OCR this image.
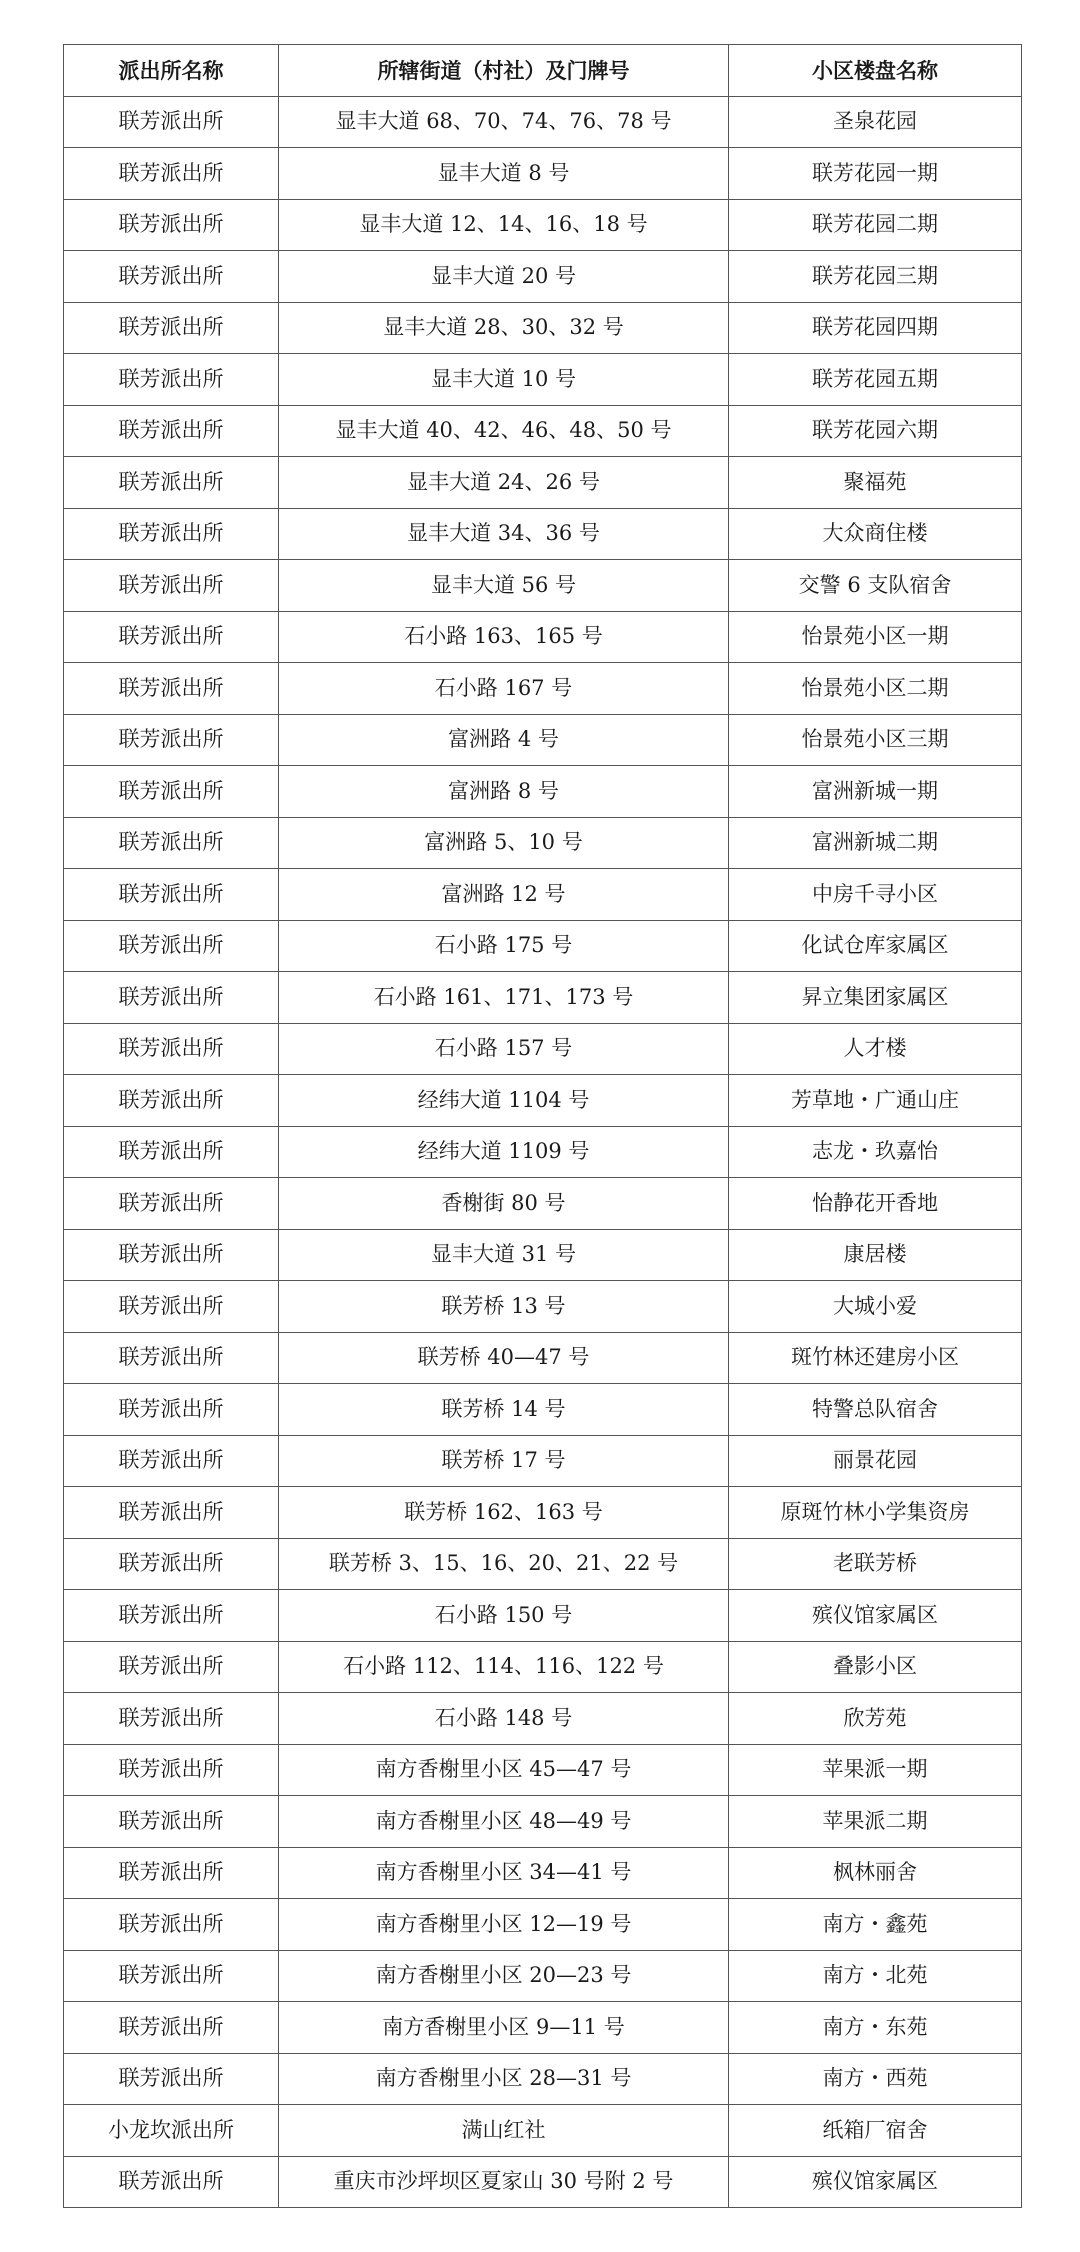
派出所名称	所辖街道（村社）及门牌号	小区楼盘名称
联芳派出所	显丰大道 68、70、74、76、78 号	圣泉花园
联芳派出所	显丰大道 8 号	联芳花园一期
联芳派出所	显丰大道 12、14、16、18 号	联芳花园二期
联芳派出所	显丰大道 20 号	联芳花园三期
联芳派出所	显丰大道 28、30、32 号	联芳花园四期
联芳派出所	显丰大道 10 号	联芳花园五期
联芳派出所	显丰大道 40、42、46、48、50 号	联芳花园六期
联芳派出所	显丰大道 24、26 号	聚福苑
联芳派出所	显丰大道 34、36 号	大众商住楼
联芳派出所	显丰大道 56 号	交警 6 支队宿舍
联芳派出所	石小路 163、165 号	怡景苑小区一期
联芳派出所	石小路 167 号	怡景苑小区二期
联芳派出所	富洲路 4 号	怡景苑小区三期
联芳派出所	富洲路 8 号	富洲新城一期
联芳派出所	富洲路 5、10 号	富洲新城二期
联芳派出所	富洲路 12 号	中房千寻小区
联芳派出所	石小路 175 号	化试仓库家属区
联芳派出所	石小路 161、171、173 号	昇立集团家属区
联芳派出所	石小路 157 号	人才楼
联芳派出所	经纬大道 1104 号	芳草地・广通山庄
联芳派出所	经纬大道 1109 号	志龙・玖嘉怡
联芳派出所	香榭街 80 号	怡静花开香地
联芳派出所	显丰大道 31 号	康居楼
联芳派出所	联芳桥 13 号	大城小爱
联芳派出所	联芳桥 40—47 号	斑竹林还建房小区
联芳派出所	联芳桥 14 号	特警总队宿舍
联芳派出所	联芳桥 17 号	丽景花园
联芳派出所	联芳桥 162、163 号	原斑竹林小学集资房
联芳派出所	联芳桥 3、15、16、20、21、22 号	老联芳桥
联芳派出所	石小路 150 号	殡仪馆家属区
联芳派出所	石小路 112、114、116、122 号	叠影小区
联芳派出所	石小路 148 号	欣芳苑
联芳派出所	南方香榭里小区 45—47 号	苹果派一期
联芳派出所	南方香榭里小区 48—49 号	苹果派二期
联芳派出所	南方香榭里小区 34—41 号	枫林丽舍
联芳派出所	南方香榭里小区 12—19 号	南方・鑫苑
联芳派出所	南方香榭里小区 20—23 号	南方・北苑
联芳派出所	南方香榭里小区 9—11 号	南方・东苑
联芳派出所	南方香榭里小区 28—31 号	南方・西苑
小龙坎派出所	满山红社	纸箱厂宿舍
联芳派出所	重庆市沙坪坝区夏家山 30 号附 2 号	殡仪馆家属区
